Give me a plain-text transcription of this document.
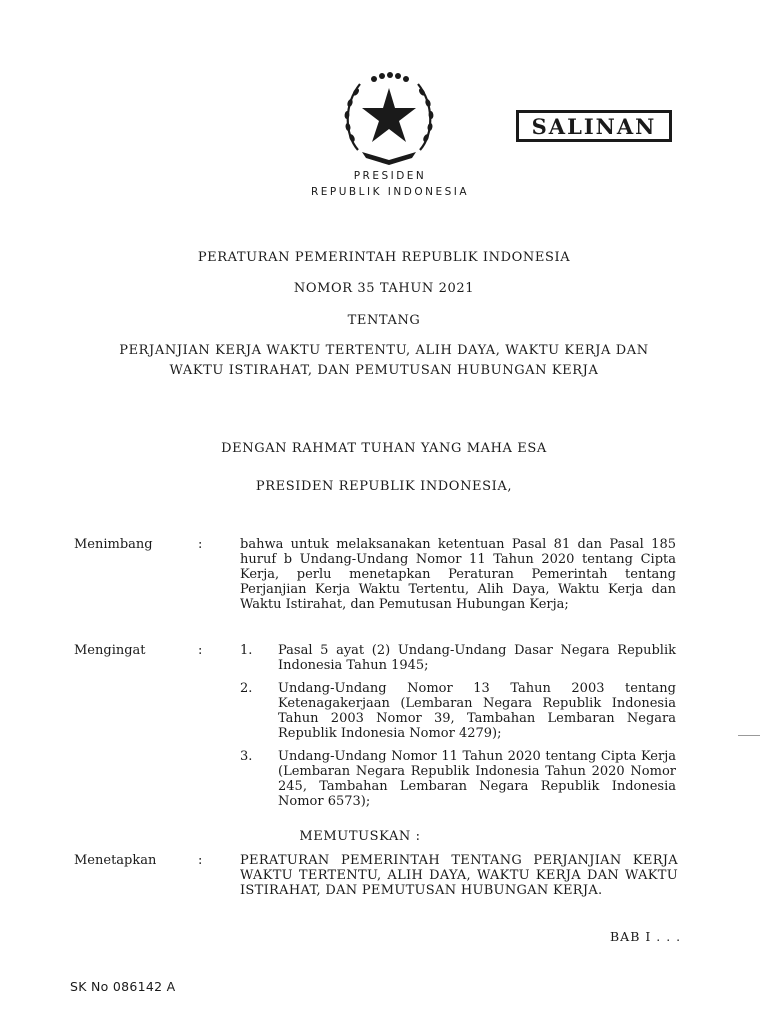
SALINAN
PRESIDEN
REPUBLIK INDONESIA
PERATURAN PEMERINTAH REPUBLIK INDONESIA
NOMOR 35 TAHUN 2021
TENTANG
PERJANJIAN KERJA WAKTU TERTENTU, ALIH DAYA, WAKTU KERJA DAN
WAKTU ISTIRAHAT, DAN PEMUTUSAN HUBUNGAN KERJA
DENGAN RAHMAT TUHAN YANG MAHA ESA
PRESIDEN REPUBLIK INDONESIA,
Menimbang	:	bahwa untuk melaksanakan ketentuan Pasal 81 dan Pasal 185 huruf b Undang-Undang Nomor 11 Tahun 2020 tentang Cipta Kerja, perlu menetapkan Peraturan Pemerintah tentang Perjanjian Kerja Waktu Tertentu, Alih Daya, Waktu Kerja dan Waktu Istirahat, dan Pemutusan Hubungan Kerja;
Mengingat	:	1. Pasal 5 ayat (2) Undang-Undang Dasar Negara Republik Indonesia Tahun 1945;
2. Undang-Undang Nomor 13 Tahun 2003 tentang Ketenagakerjaan (Lembaran Negara Republik Indonesia Tahun 2003 Nomor 39, Tambahan Lembaran Negara Republik Indonesia Nomor 4279);
3. Undang-Undang Nomor 11 Tahun 2020 tentang Cipta Kerja (Lembaran Negara Republik Indonesia Tahun 2020 Nomor 245, Tambahan Lembaran Negara Republik Indonesia Nomor 6573);
MEMUTUSKAN :
Menetapkan	:	PERATURAN PEMERINTAH TENTANG PERJANJIAN KERJA WAKTU TERTENTU, ALIH DAYA, WAKTU KERJA DAN WAKTU ISTIRAHAT, DAN PEMUTUSAN HUBUNGAN KERJA.
BAB I . . .
SK No 086142 A
